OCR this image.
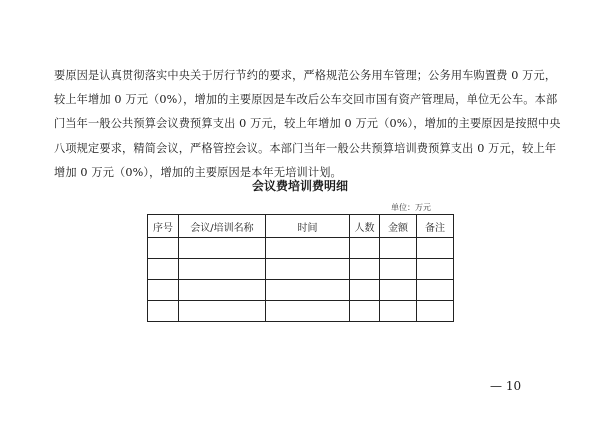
要原因是认真贯彻落实中央关于厉行节约的要求，严格规范公务用车管理；公务用车购置费 0 万元，
较上年增加 0 万元（0%），增加的主要原因是车改后公车交回市国有资产管理局，单位无公车。本部
门当年一般公共预算会议费预算支出 0 万元，较上年增加 0 万元（0%），增加的主要原因是按照中央
八项规定要求，精简会议，严格管控会议。本部门当年一般公共预算培训费预算支出 0 万元，较上年
增加 0 万元（0%），增加的主要原因是本年无培训计划。
会议费培训费明细
单位：万元
序号	会议/培训名称	时间	人数	金额	备注

— 10
